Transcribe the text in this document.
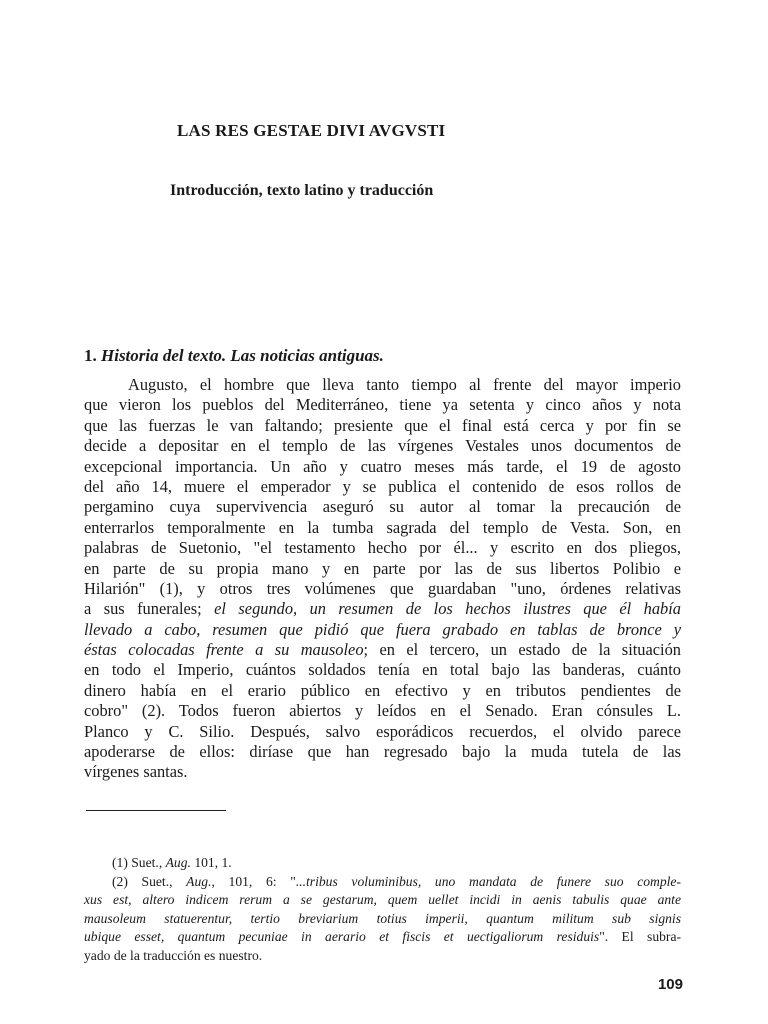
LAS RES GESTAE DIVI AVGVSTI
Introducción, texto latino y traducción
1. Historia del texto. Las noticias antiguas.
Augusto, el hombre que lleva tanto tiempo al frente del mayor imperio
que vieron los pueblos del Mediterráneo, tiene ya setenta y cinco años y nota
que las fuerzas le van faltando; presiente que el final está cerca y por fin se
decide a depositar en el templo de las vírgenes Vestales unos documentos de
excepcional importancia. Un año y cuatro meses más tarde, el 19 de agosto
del año 14, muere el emperador y se publica el contenido de esos rollos de
pergamino cuya supervivencia aseguró su autor al tomar la precaución de
enterrarlos temporalmente en la tumba sagrada del templo de Vesta. Son, en
palabras de Suetonio, "el testamento hecho por él... y escrito en dos pliegos,
en parte de su propia mano y en parte por las de sus libertos Polibio e
Hilarión" (1), y otros tres volúmenes que guardaban "uno, órdenes relativas
a sus funerales; el segundo, un resumen de los hechos ilustres que él había
llevado a cabo, resumen que pidió que fuera grabado en tablas de bronce y
éstas colocadas frente a su mausoleo; en el tercero, un estado de la situación
en todo el Imperio, cuántos soldados tenía en total bajo las banderas, cuánto
dinero había en el erario público en efectivo y en tributos pendientes de
cobro" (2). Todos fueron abiertos y leídos en el Senado. Eran cónsules L.
Planco y C. Silio. Después, salvo esporádicos recuerdos, el olvido parece
apoderarse de ellos: diríase que han regresado bajo la muda tutela de las
vírgenes santas.
(1) Suet., Aug. 101, 1.
(2) Suet., Aug., 101, 6: "...tribus voluminibus, uno mandata de funere suo comple-
xus est, altero indicem rerum a se gestarum, quem uellet incidi in aenis tabulis quae ante
mausoleum statuerentur, tertio breviarium totius imperii, quantum militum sub signis
ubique esset, quantum pecuniae in aerario et fiscis et uectigaliorum residuis". El subra-
yado de la traducción es nuestro.
109
